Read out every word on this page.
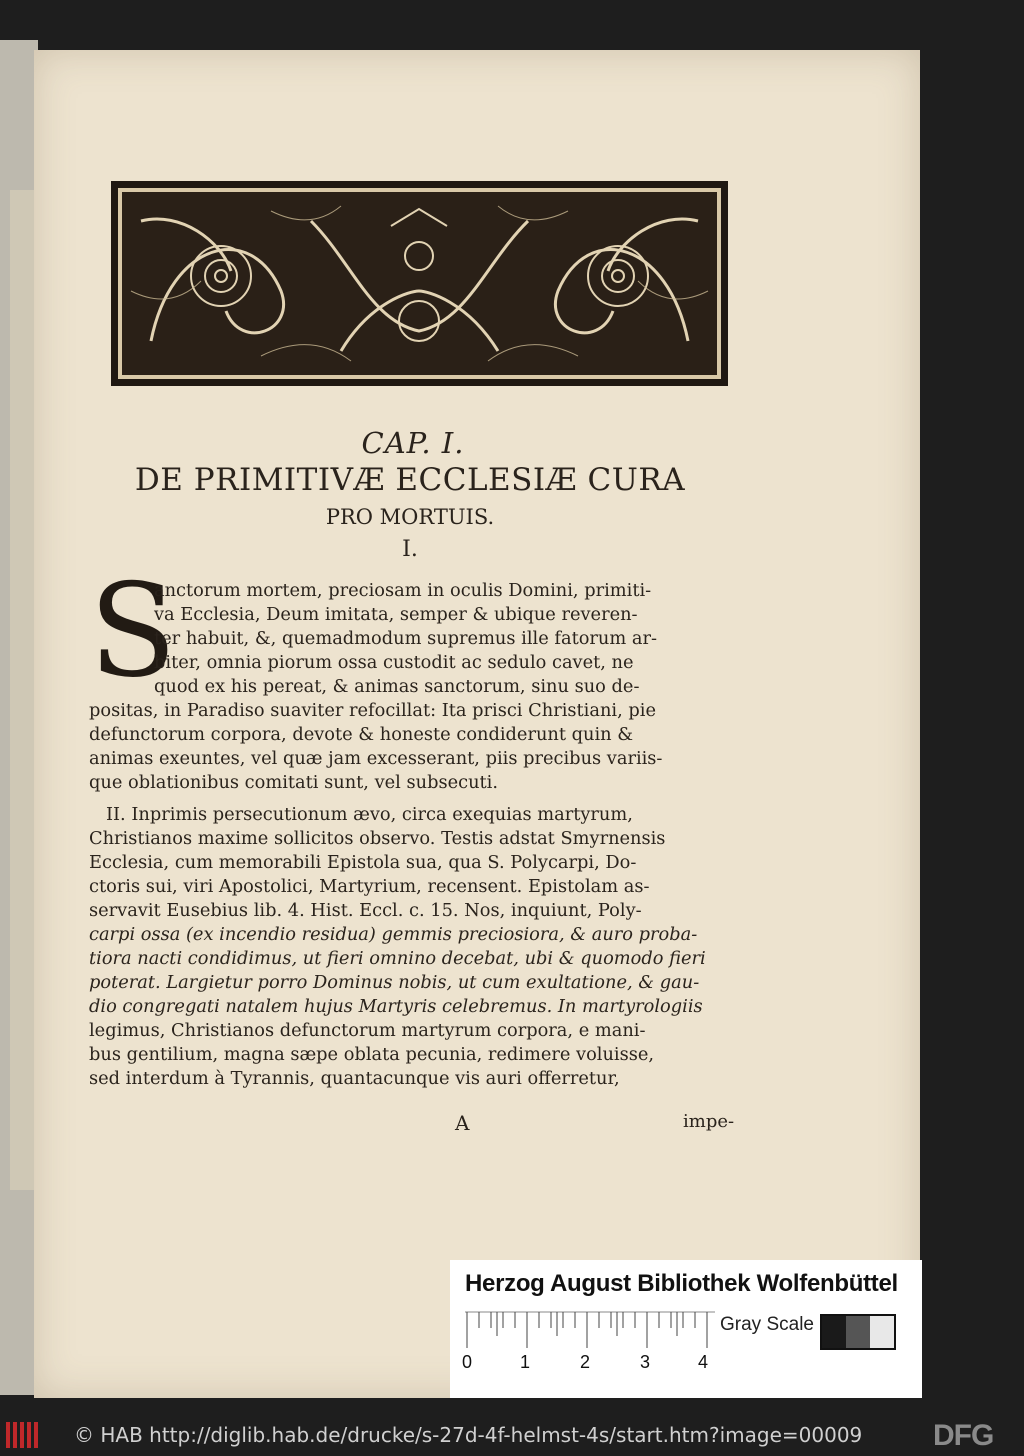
CAP. I.
DE PRIMITIVÆ ECCLESIÆ CURA
PRO MORTUIS.
I.
S
anctorum mortem, preciosam in oculis Domini, primiti-
va Ecclesia, Deum imitata, semper & ubique reveren-
ter habuit, &, quemadmodum supremus ille fatorum ar-
biter, omnia piorum ossa custodit ac sedulo cavet, ne
quod ex his pereat, & animas sanctorum, sinu suo de-
positas, in Paradiso suaviter refocillat: Ita prisci Christiani, pie
defunctorum corpora, devote & honeste condiderunt quin &
animas exeuntes, vel quæ jam excesserant, piis precibus variis-
que oblationibus comitati sunt, vel subsecuti.
II. Inprimis persecutionum ævo, circa exequias martyrum,
Christianos maxime sollicitos observo. Testis adstat Smyrnensis
Ecclesia, cum memorabili Epistola sua, qua S. Polycarpi, Do-
ctoris sui, viri Apostolici, Martyrium, recensent. Epistolam as-
servavit Eusebius lib. 4. Hist. Eccl. c. 15. Nos, inquiunt, Poly-
carpi ossa (ex incendio residua) gemmis preciosiora, & auro proba-
tiora nacti condidimus, ut fieri omnino decebat, ubi & quomodo fieri
poterat. Largietur porro Dominus nobis, ut cum exultatione, & gau-
dio congregati natalem hujus Martyris celebremus. In martyrologiis
legimus, Christianos defunctorum martyrum corpora, e mani-
bus gentilium, magna sæpe oblata pecunia, redimere voluisse,
sed interdum à Tyrannis, quantacunque vis auri offerretur,
A	impe-
Herzog August Bibliothek Wolfenbüttel
Gray Scale
0	1	2	3	4
© HAB http://diglib.hab.de/drucke/s-27d-4f-helmst-4s/start.htm?image=00009 DFG
